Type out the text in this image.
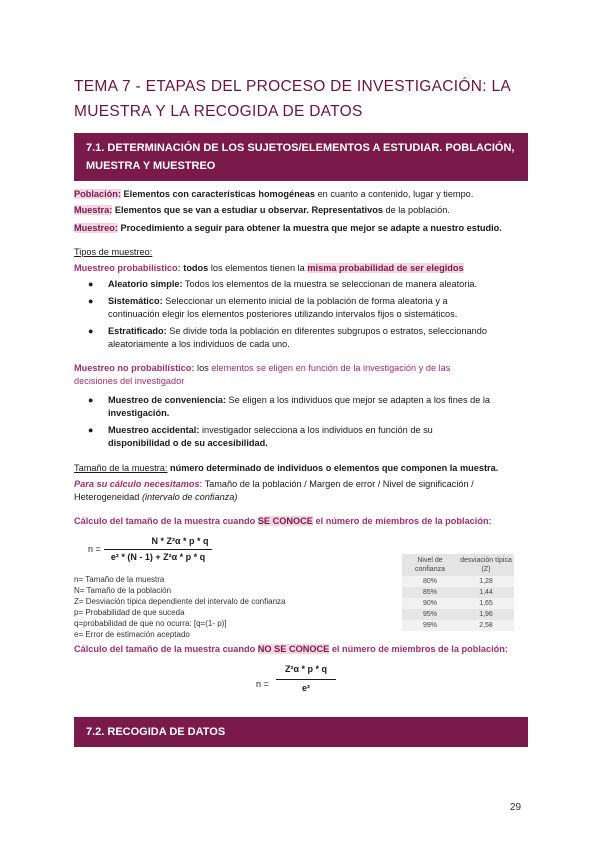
TEMA 7 - ETAPAS DEL PROCESO DE INVESTIGACIÓN: LA MUESTRA Y LA RECOGIDA DE DATOS
7.1. DETERMINACIÓN DE LOS SUJETOS/ELEMENTOS A ESTUDIAR. POBLACIÓN, MUESTRA Y MUESTREO
Población: Elementos con características homogéneas en cuanto a contenido, lugar y tiempo.
Muestra: Elementos que se van a estudiar u observar. Representativos de la población.
Muestreo: Procedimiento a seguir para obtener la muestra que mejor se adapte a nuestro estudio.
Tipos de muestreo:
Muestreo probabilístico: todos los elementos tienen la misma probabilidad de ser elegidos
● Aleatorio simple: Todos los elementos de la muestra se seleccionan de manera aleatoria.
● Sistemático: Seleccionar un elemento inicial de la población de forma aleatoria y a
continuación elegir los elementos posteriores utilizando intervalos fijos o sistemáticos.
● Estratificado: Se divide toda la población en diferentes subgrupos o estratos, seleccionando
aleatoriamente a los individuos de cada uno.
Muestreo no probabilístico: los elementos se eligen en función de la investigación y de las
decisiones del investigador
● Muestreo de conveniencia: Se eligen a los individuos que mejor se adapten a los fines de la
investigación.
● Muestreo accidental: investigador selecciona a los individuos en función de su
disponibilidad o de su accesibilidad.
Tamaño de la muestra: número determinado de individuos o elementos que componen la muestra.
Para su cálculo necesitamos: Tamaño de la población / Margen de error / Nivel de significación /
Heterogeneidad (intervalo de confianza)
Cálculo del tamaño de la muestra cuando SE CONOCE el número de miembros de la población:
n =
N * Z²α * p * q
e² * (N - 1) + Z²α * p * q
n= Tamaño de la muestra
N= Tamaño de la población
Z= Desviación típica dependiente del intervalo de confianza
p= Probabilidad de que suceda
q=probabilidad de que no ocurra: [q=(1- p)]
e= Error de estimación aceptado
Nivel de confianza	desviación típica (Z)
80%	1,28
85%	1,44
90%	1,65
95%	1,96
99%	2,58
Cálculo del tamaño de la muestra cuando NO SE CONOCE el número de miembros de la población:
n =
Z²α * p * q
e²
7.2. RECOGIDA DE DATOS
29
